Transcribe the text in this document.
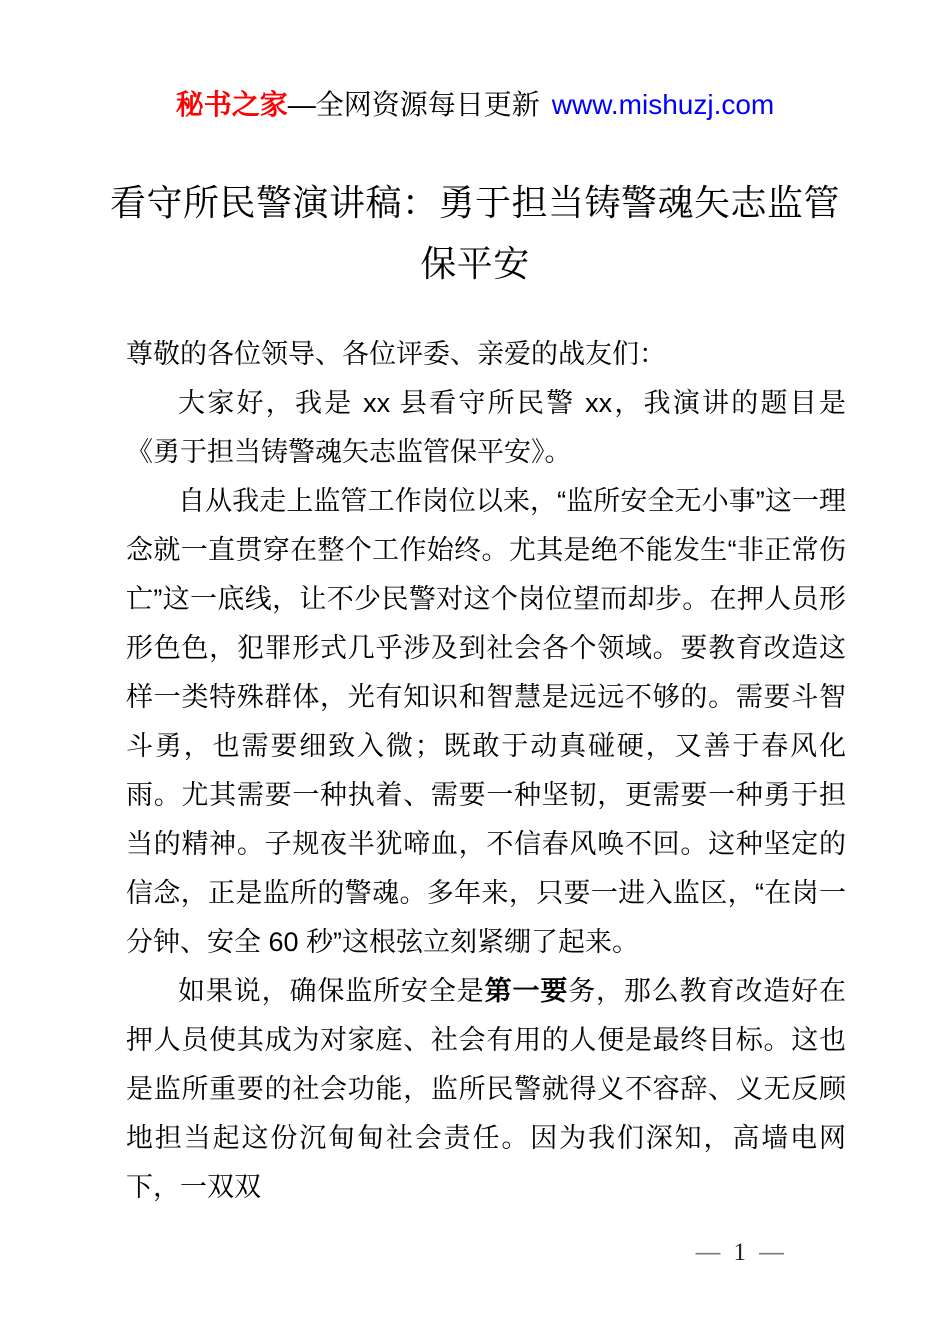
秘书之家—全网资源每日更新 www.mishuzj.com
看守所民警演讲稿：勇于担当铸警魂矢志监管
保平安

尊敬的各位领导、各位评委、亲爱的战友们：

大家好，我是 xx 县看守所民警 xx，我演讲的题目是《勇于担当铸警魂矢志监管保平安》。

自从我走上监管工作岗位以来，“监所安全无小事”这一理念就一直贯穿在整个工作始终。尤其是绝不能发生“非正常伤亡”这一底线，让不少民警对这个岗位望而却步。在押人员形形色色，犯罪形式几乎涉及到社会各个领域。要教育改造这样一类特殊群体，光有知识和智慧是远远不够的。需要斗智斗勇，也需要细致入微；既敢于动真碰硬，又善于春风化雨。尤其需要一种执着、需要一种坚韧，更需要一种勇于担当的精神。子规夜半犹啼血，不信春风唤不回。这种坚定的信念，正是监所的警魂。多年来，只要一进入监区，“在岗一分钟、安全 60 秒”这根弦立刻紧绷了起来。

如果说，确保监所安全是第一要务，那么教育改造好在押人员使其成为对家庭、社会有用的人便是最终目标。这也是监所重要的社会功能，监所民警就得义不容辞、义无反顾地担当起这份沉甸甸社会责任。因为我们深知，高墙电网下，一双双

— 1 —
